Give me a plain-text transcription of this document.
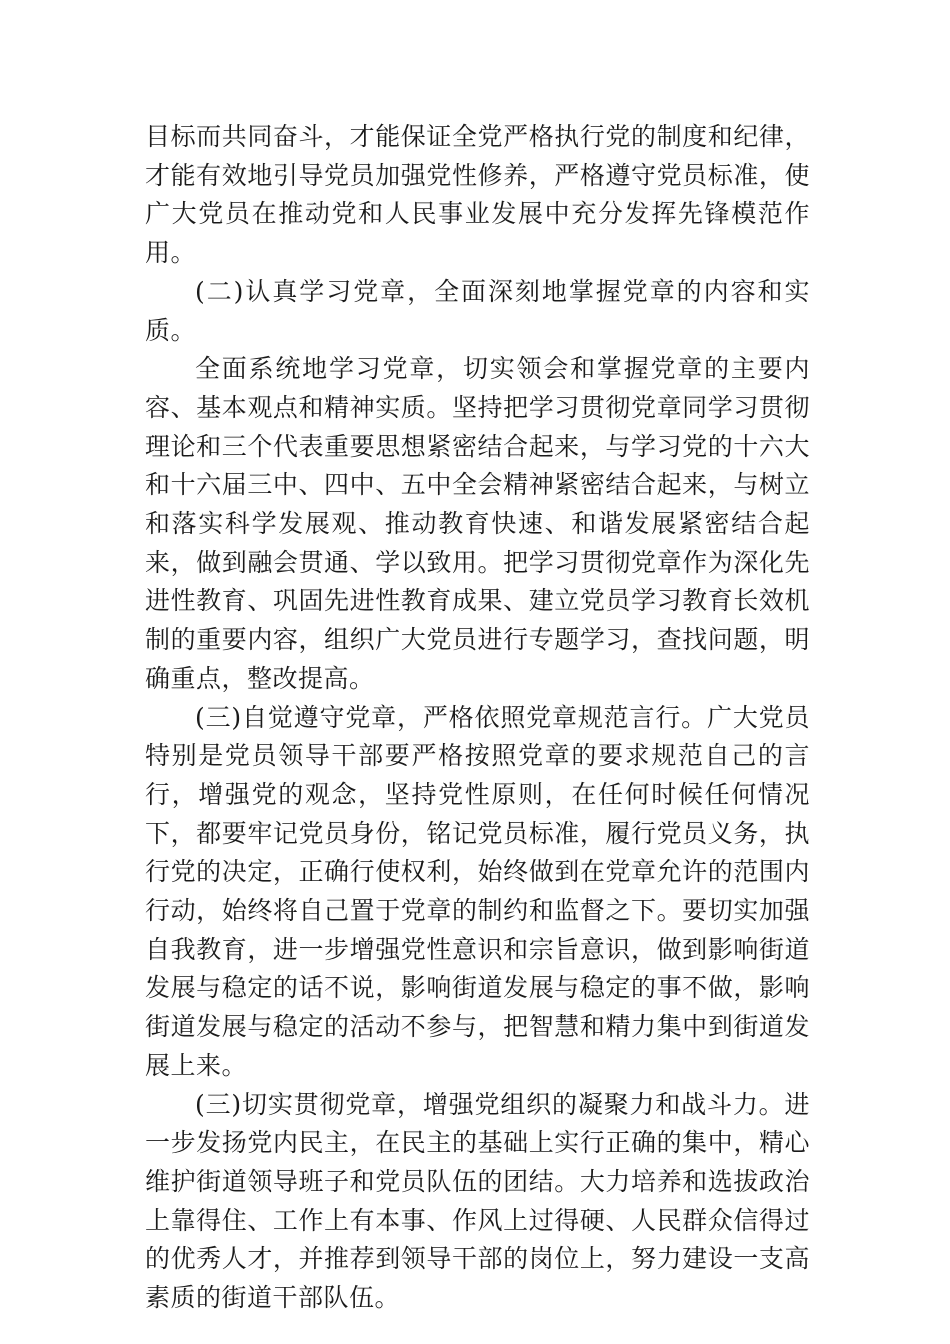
目标而共同奋斗，才能保证全党严格执行党的制度和纪律，才能有效地引导党员加强党性修养，严格遵守党员标准，使广大党员在推动党和人民事业发展中充分发挥先锋模范作用。

(二)认真学习党章，全面深刻地掌握党章的内容和实质。

全面系统地学习党章，切实领会和掌握党章的主要内容、基本观点和精神实质。坚持把学习贯彻党章同学习贯彻理论和三个代表重要思想紧密结合起来，与学习党的十六大和十六届三中、四中、五中全会精神紧密结合起来，与树立和落实科学发展观、推动教育快速、和谐发展紧密结合起来，做到融会贯通、学以致用。把学习贯彻党章作为深化先进性教育、巩固先进性教育成果、建立党员学习教育长效机制的重要内容，组织广大党员进行专题学习，查找问题，明确重点，整改提高。

(三)自觉遵守党章，严格依照党章规范言行。广大党员特别是党员领导干部要严格按照党章的要求规范自己的言行，增强党的观念，坚持党性原则，在任何时候任何情况下，都要牢记党员身份，铭记党员标准，履行党员义务，执行党的决定，正确行使权利，始终做到在党章允许的范围内行动，始终将自己置于党章的制约和监督之下。要切实加强自我教育，进一步增强党性意识和宗旨意识，做到影响街道发展与稳定的话不说，影响街道发展与稳定的事不做，影响街道发展与稳定的活动不参与，把智慧和精力集中到街道发展上来。

(三)切实贯彻党章，增强党组织的凝聚力和战斗力。进一步发扬党内民主，在民主的基础上实行正确的集中，精心维护街道领导班子和党员队伍的团结。大力培养和选拔政治上靠得住、工作上有本事、作风上过得硬、人民群众信得过的优秀人才，并推荐到领导干部的岗位上，努力建设一支高素质的街道干部队伍。
